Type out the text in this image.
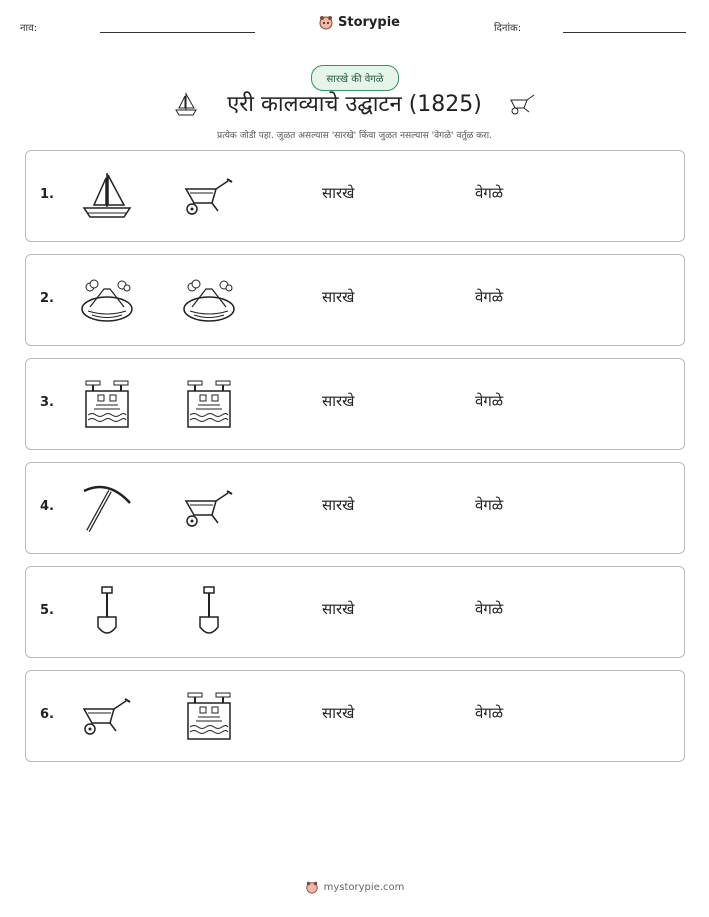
नाव:	Storypie	दिनांक:
सारखे की वेगळे
एरी कालव्याचे उद्घाटन (1825)
प्रत्येक जोडी पहा. जुळत असल्यास 'सारखे' किंवा जुळत नसल्यास 'वेगळे' वर्तुळ करा.
1.	सारखे	वेगळे
2.	सारखे	वेगळे
3.	सारखे	वेगळे
4.	सारखे	वेगळे
5.	सारखे	वेगळे
6.	सारखे	वेगळे
mystorypie.com
